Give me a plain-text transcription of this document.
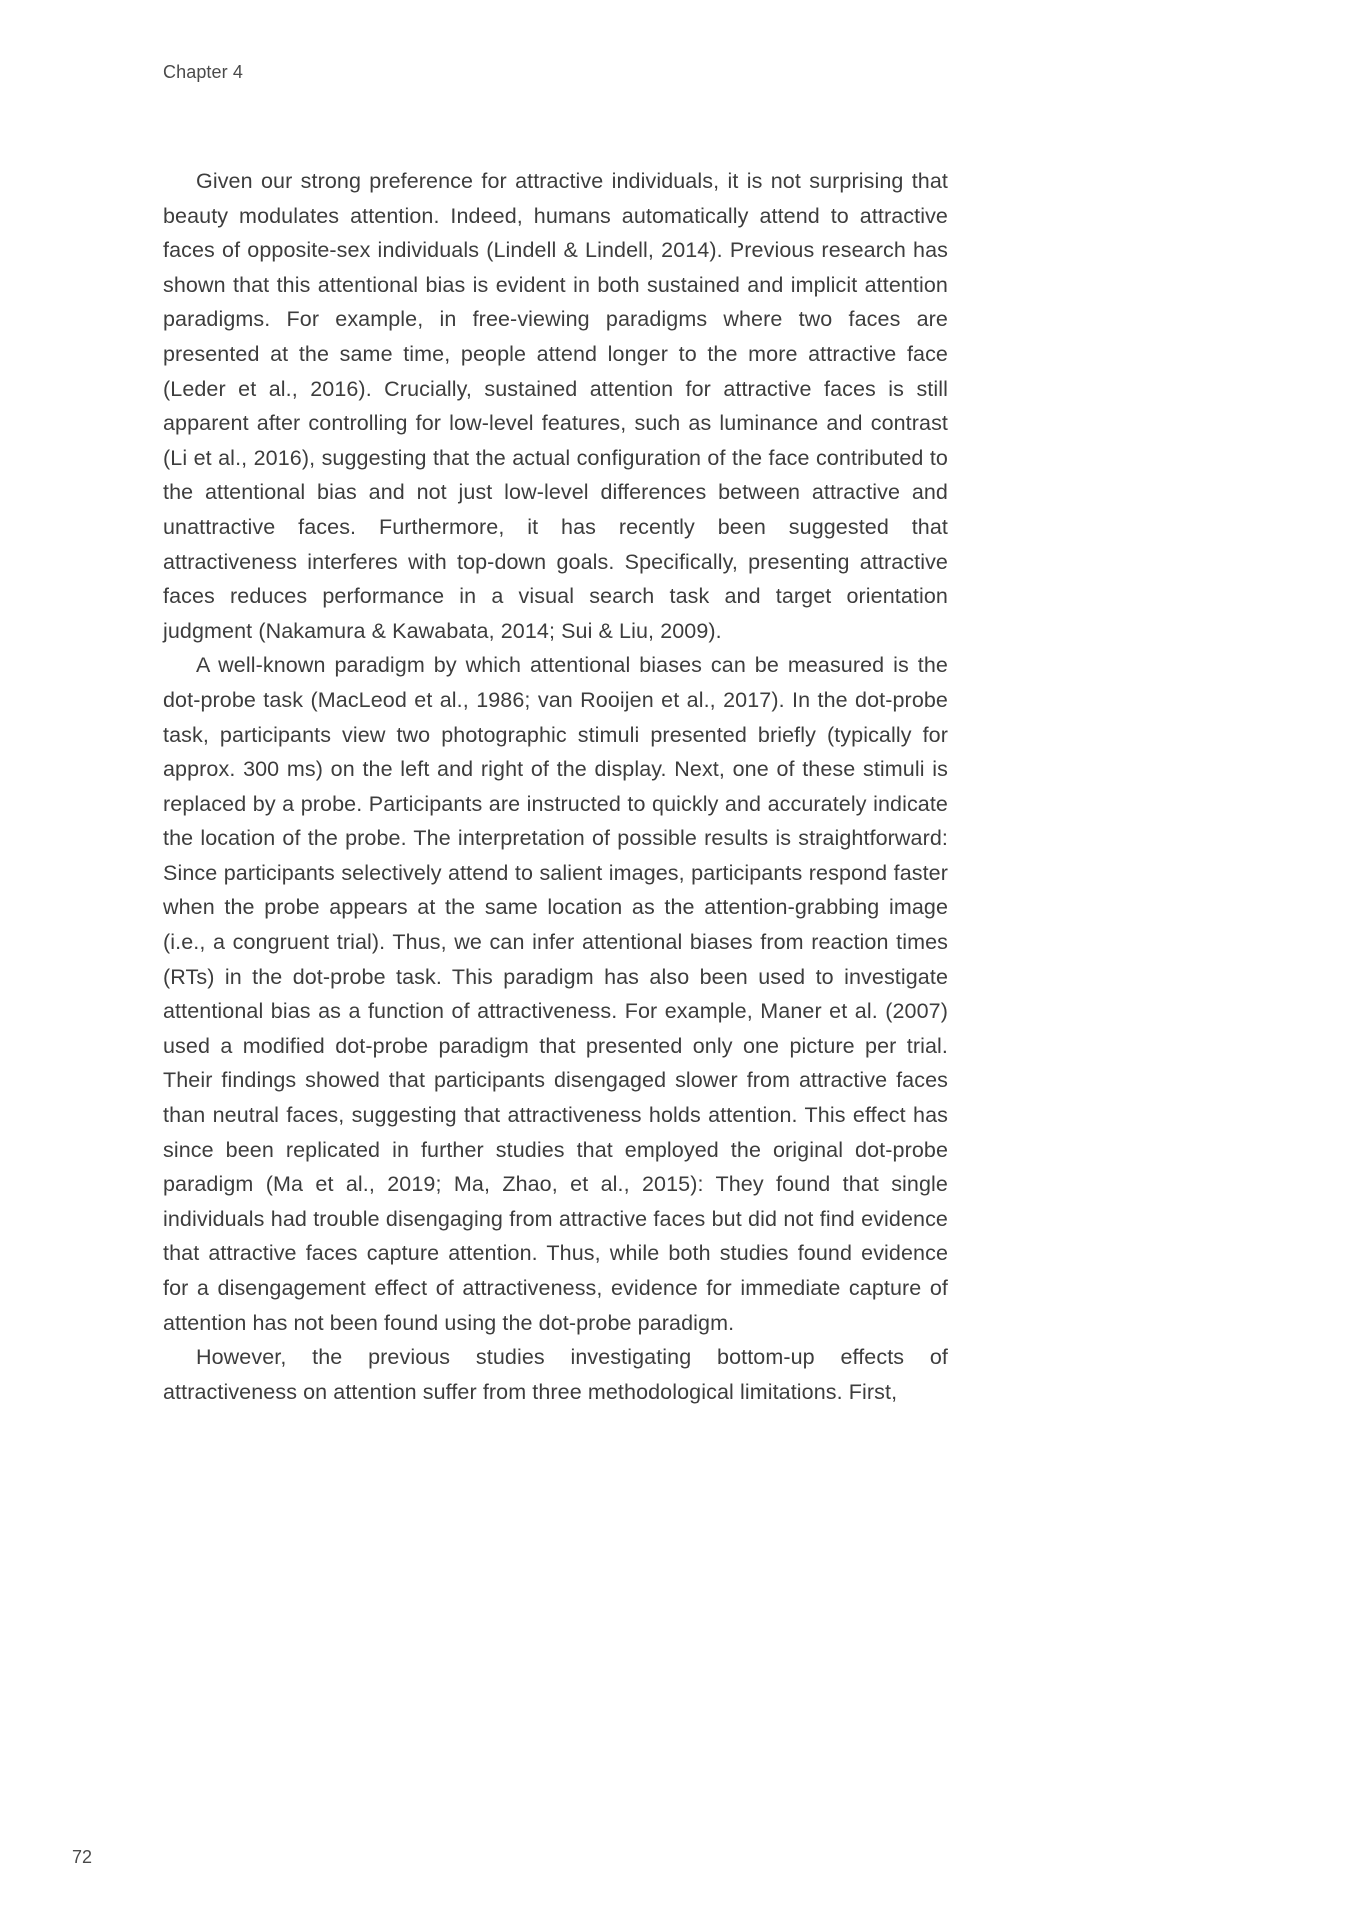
Chapter 4

Given our strong preference for attractive individuals, it is not surprising that beauty modulates attention. Indeed, humans automatically attend to attractive faces of opposite-sex individuals (Lindell & Lindell, 2014). Previous research has shown that this attentional bias is evident in both sustained and implicit attention paradigms. For example, in free-viewing paradigms where two faces are presented at the same time, people attend longer to the more attractive face (Leder et al., 2016). Crucially, sustained attention for attractive faces is still apparent after controlling for low-level features, such as luminance and contrast (Li et al., 2016), suggesting that the actual configuration of the face contributed to the attentional bias and not just low-level differences between attractive and unattractive faces. Furthermore, it has recently been suggested that attractiveness interferes with top-down goals. Specifically, presenting attractive faces reduces performance in a visual search task and target orientation judgment (Nakamura & Kawabata, 2014; Sui & Liu, 2009).

A well-known paradigm by which attentional biases can be measured is the dot-probe task (MacLeod et al., 1986; van Rooijen et al., 2017). In the dot-probe task, participants view two photographic stimuli presented briefly (typically for approx. 300 ms) on the left and right of the display. Next, one of these stimuli is replaced by a probe. Participants are instructed to quickly and accurately indicate the location of the probe. The interpretation of possible results is straightforward: Since participants selectively attend to salient images, participants respond faster when the probe appears at the same location as the attention-grabbing image (i.e., a congruent trial). Thus, we can infer attentional biases from reaction times (RTs) in the dot-probe task. This paradigm has also been used to investigate attentional bias as a function of attractiveness. For example, Maner et al. (2007) used a modified dot-probe paradigm that presented only one picture per trial. Their findings showed that participants disengaged slower from attractive faces than neutral faces, suggesting that attractiveness holds attention. This effect has since been replicated in further studies that employed the original dot-probe paradigm (Ma et al., 2019; Ma, Zhao, et al., 2015): They found that single individuals had trouble disengaging from attractive faces but did not find evidence that attractive faces capture attention. Thus, while both studies found evidence for a disengagement effect of attractiveness, evidence for immediate capture of attention has not been found using the dot-probe paradigm.

However, the previous studies investigating bottom-up effects of attractiveness on attention suffer from three methodological limitations. First,

72
